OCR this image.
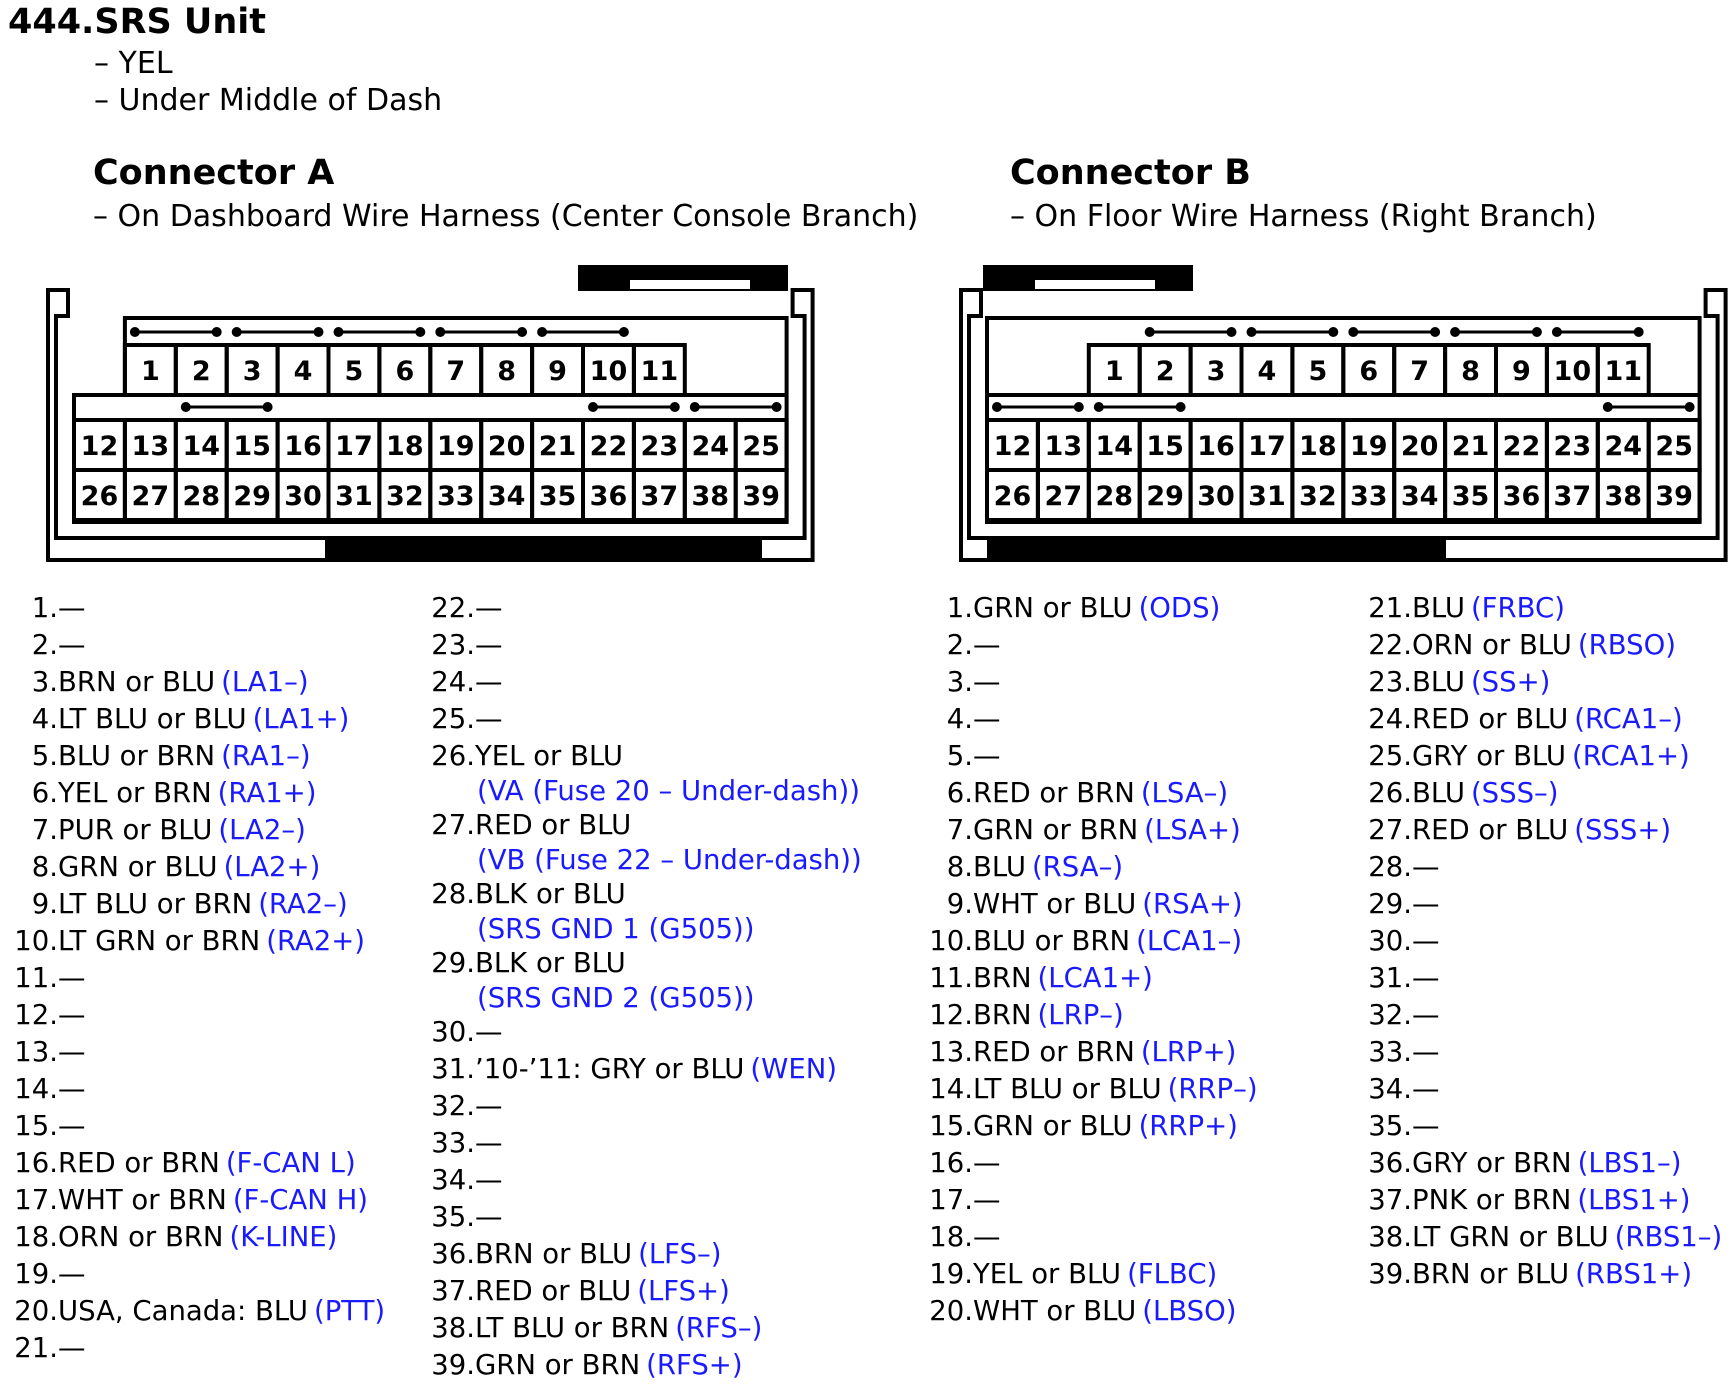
444.SRS Unit
– YEL
– Under Middle of Dash
Connector A
– On Dashboard Wire Harness (Center Console Branch)
Connector B
– On Floor Wire Harness (Right Branch)
1 2 3 4 5 6 7 8 9 10 11
12 13 14 15 16 17 18 19 20 21 22 23 24 25
26 27 28 29 30 31 32 33 34 35 36 37 38 39
1 2 3 4 5 6 7 8 9 10 11
12 13 14 15 16 17 18 19 20 21 22 23 24 25
26 27 28 29 30 31 32 33 34 35 36 37 38 39
1.—
2.—
3.BRN or BLU (LA1–)
4.LT BLU or BLU (LA1+)
5.BLU or BRN (RA1–)
6.YEL or BRN (RA1+)
7.PUR or BLU (LA2–)
8.GRN or BLU (LA2+)
9.LT BLU or BRN (RA2–)
10.LT GRN or BRN (RA2+)
11.—
12.—
13.—
14.—
15.—
16.RED or BRN (F-CAN L)
17.WHT or BRN (F-CAN H)
18.ORN or BRN (K-LINE)
19.—
20.USA, Canada: BLU (PTT)
21.—
22.—
23.—
24.—
25.—
26.YEL or BLU
(VA (Fuse 20 – Under-dash))
27.RED or BLU
(VB (Fuse 22 – Under-dash))
28.BLK or BLU
(SRS GND 1 (G505))
29.BLK or BLU
(SRS GND 2 (G505))
30.—
31.’10-’11: GRY or BLU (WEN)
32.—
33.—
34.—
35.—
36.BRN or BLU (LFS–)
37.RED or BLU (LFS+)
38.LT BLU or BRN (RFS–)
39.GRN or BRN (RFS+)
1.GRN or BLU (ODS)
2.—
3.—
4.—
5.—
6.RED or BRN (LSA–)
7.GRN or BRN (LSA+)
8.BLU (RSA–)
9.WHT or BLU (RSA+)
10.BLU or BRN (LCA1–)
11.BRN (LCA1+)
12.BRN (LRP–)
13.RED or BRN (LRP+)
14.LT BLU or BLU (RRP–)
15.GRN or BLU (RRP+)
16.—
17.—
18.—
19.YEL or BLU (FLBC)
20.WHT or BLU (LBSO)
21.BLU (FRBC)
22.ORN or BLU (RBSO)
23.BLU (SS+)
24.RED or BLU (RCA1–)
25.GRY or BLU (RCA1+)
26.BLU (SSS–)
27.RED or BLU (SSS+)
28.—
29.—
30.—
31.—
32.—
33.—
34.—
35.—
36.GRY or BRN (LBS1–)
37.PNK or BRN (LBS1+)
38.LT GRN or BLU (RBS1–)
39.BRN or BLU (RBS1+)
